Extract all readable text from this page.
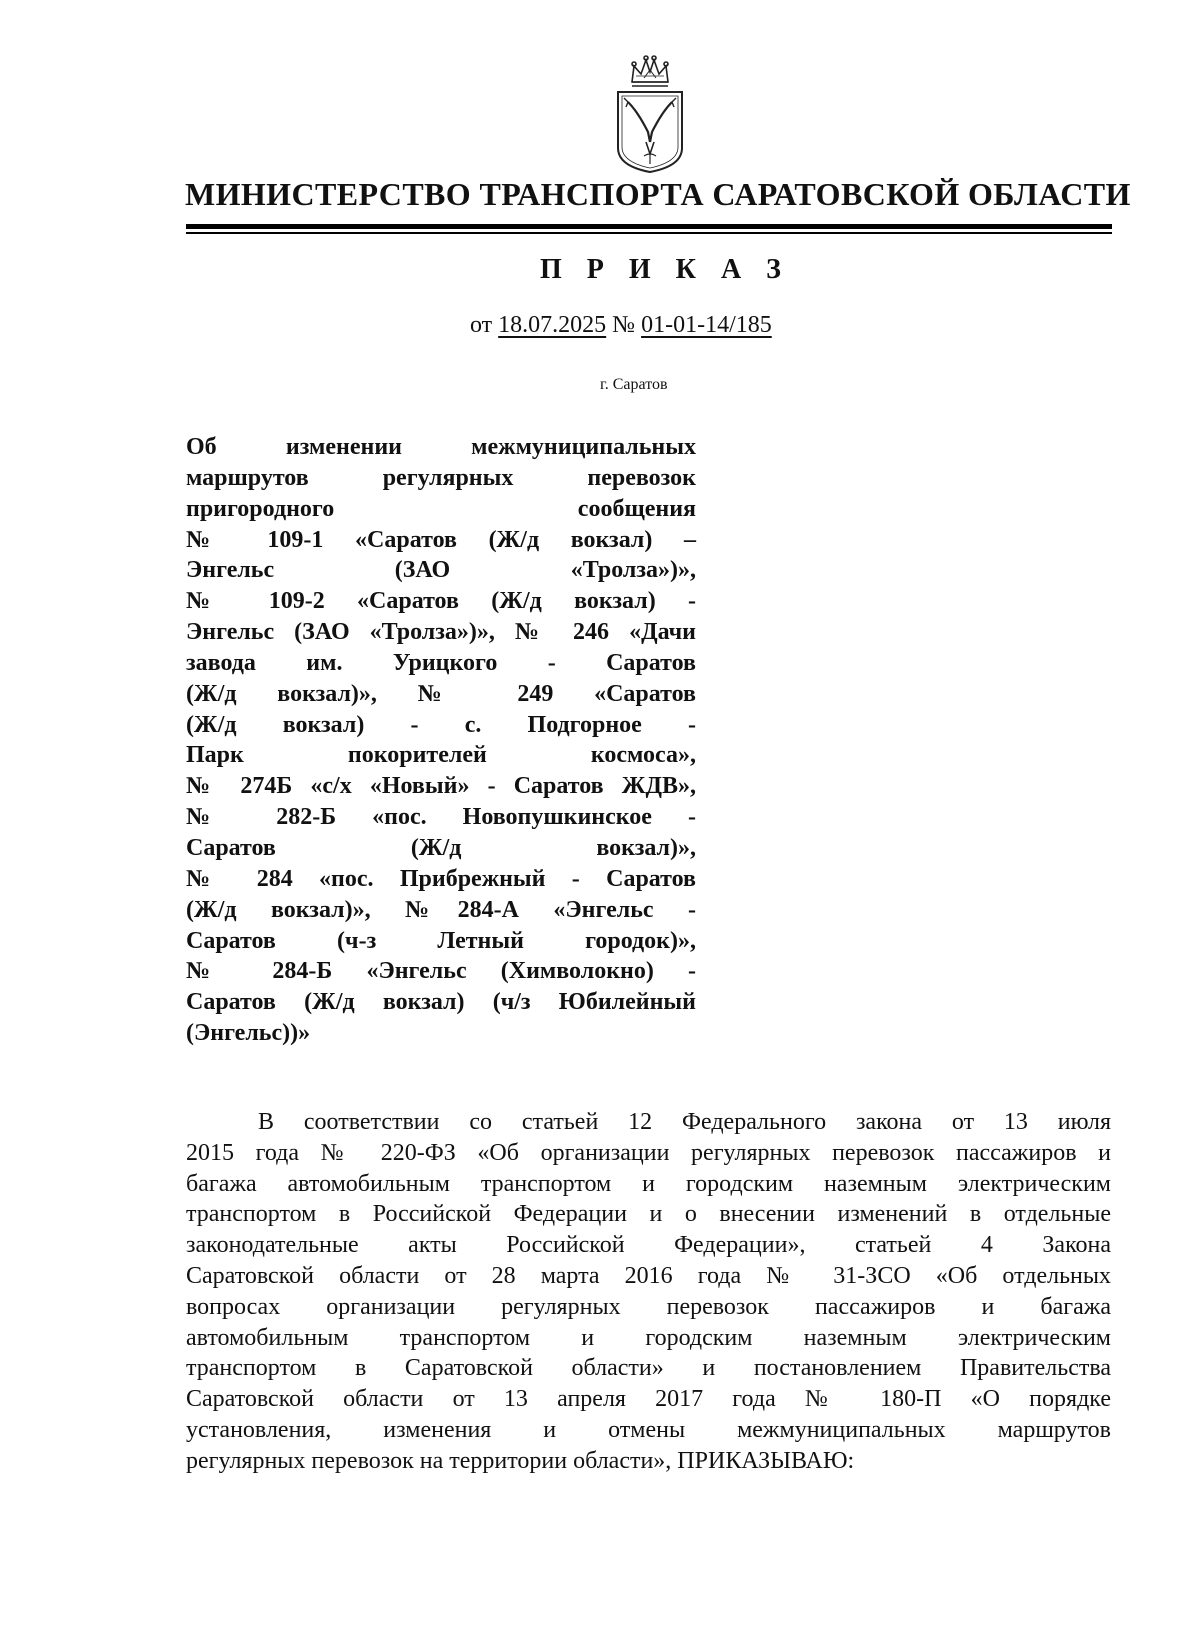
МИНИСТЕРСТВО ТРАНСПОРТА САРАТОВСКОЙ ОБЛАСТИ
П Р И К А З
от 18.07.2025 № 01-01-14/185
г. Саратов
Об изменении межмуниципальных
маршрутов регулярных перевозок
пригородного сообщения
№ 109-1 «Саратов (Ж/д вокзал) –
Энгельс (ЗАО «Тролза»)»,
№ 109-2 «Саратов (Ж/д вокзал) -
Энгельс (ЗАО «Тролза»)», № 246 «Дачи
завода им. Урицкого - Саратов
(Ж/д вокзал)», № 249 «Саратов
(Ж/д вокзал) - с. Подгорное -
Парк покорителей космоса»,
№ 274Б «с/х «Новый» - Саратов ЖДВ»,
№ 282-Б «пос. Новопушкинское -
Саратов (Ж/д вокзал)»,
№ 284 «пос. Прибрежный - Саратов
(Ж/д вокзал)», №284-А «Энгельс -
Саратов (ч-з Летный городок)»,
№ 284-Б «Энгельс (Химволокно) -
Саратов (Ж/д вокзал) (ч/з Юбилейный
(Энгельс))»
В соответствии со статьей 12 Федерального закона от 13 июля
2015 года № 220-ФЗ «Об организации регулярных перевозок пассажиров и
багажа автомобильным транспортом и городским наземным электрическим
транспортом в Российской Федерации и о внесении изменений в отдельные
законодательные акты Российской Федерации», статьей 4 Закона
Саратовской области от 28 марта 2016 года № 31-ЗСО «Об отдельных
вопросах организации регулярных перевозок пассажиров и багажа
автомобильным транспортом и городским наземным электрическим
транспортом в Саратовской области» и постановлением Правительства
Саратовской области от 13 апреля 2017 года № 180-П «О порядке
установления, изменения и отмены межмуниципальных маршрутов
регулярных перевозок на территории области», ПРИКАЗЫВАЮ:
